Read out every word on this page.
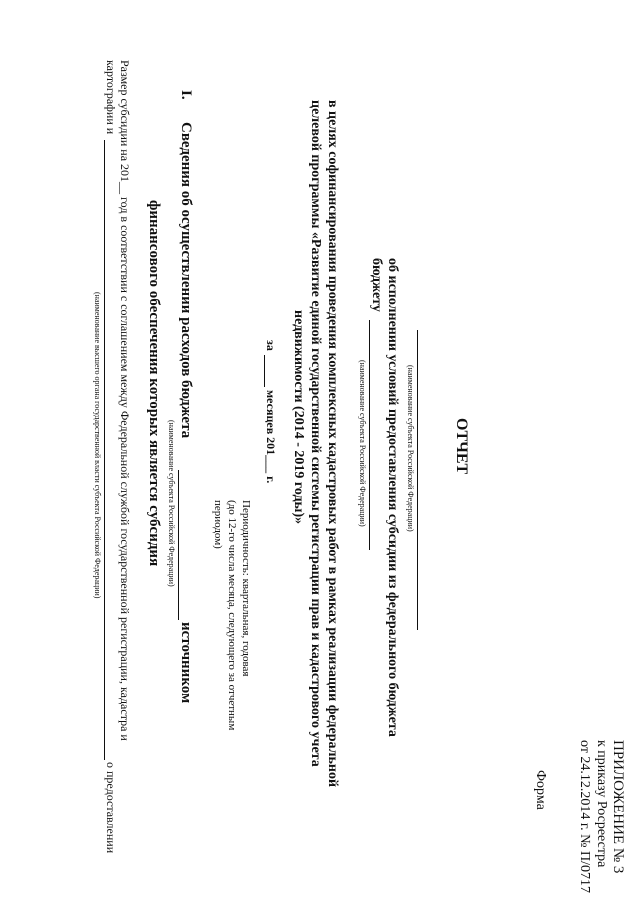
ПРИЛОЖЕНИЕ № 3
к приказу Росреестра
от 24.12.2014 г. № П/0717
Форма
ОТЧЕТ
(наименование субъекта Российской Федерации)
об исполнении условий предоставления субсидии из федерального бюджета
бюджету
(наименование субъекта Российской Федерации)
в целях софинансирования проведения комплексных кадастровых работ в рамках реализации федеральной
целевой программы «Развитие единой государственной системы регистрации прав и кадастрового учета
недвижимости (2014 - 2019 годы)»
за
месяцев 201___ г.
Периодичность: квартальная, годовая
(до 12-го числа месяца, следующего за отчетным
периодом)
I.
Сведения об осуществлении расходов бюджета
источником
(наименование субъекта Российской Федерации)
финансового обеспечения которых является субсидия
Размер субсидии на 201__ год в соответствии с соглашением между Федеральной службой государственной регистрации, кадастра и
картографии и
о предоставлении
(наименование высшего органа государственной власти субъекта Российской Федерации)
